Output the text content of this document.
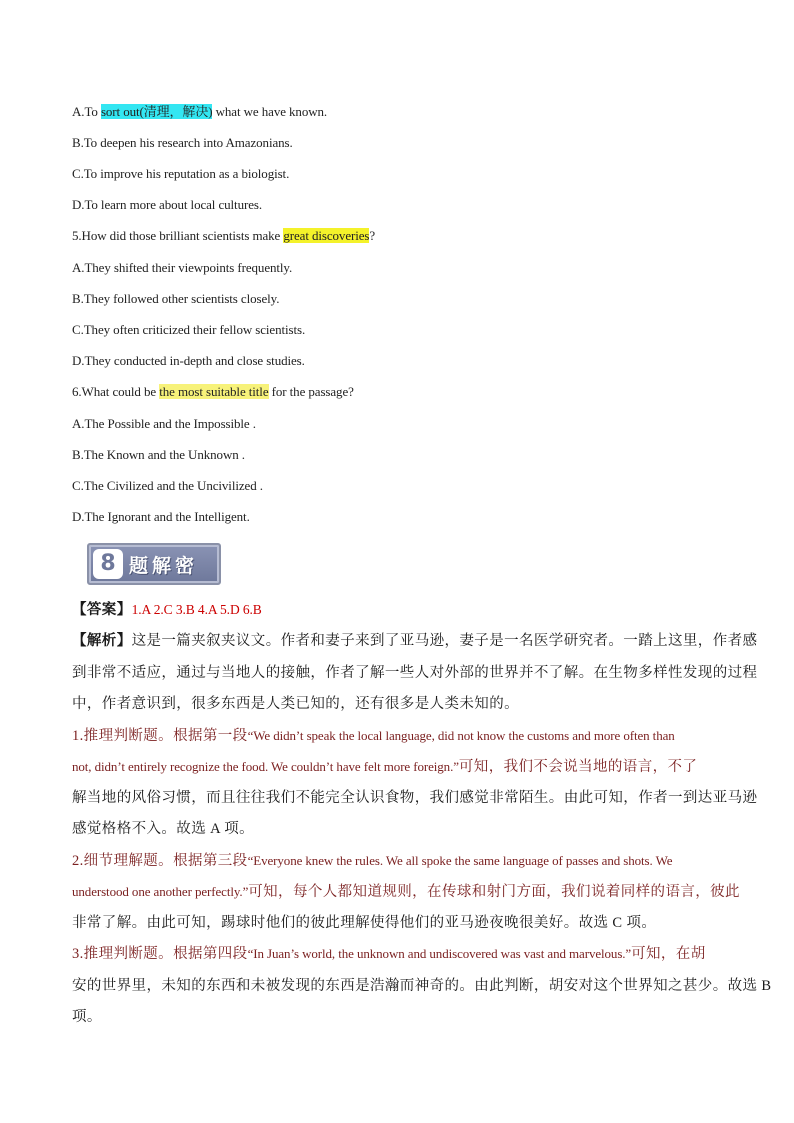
A.To sort out(清理，解决) what we have known.
B.To deepen his research into Amazonians.
C.To improve his reputation as a biologist.
D.To learn more about local cultures.
5.How did those brilliant scientists make great discoveries?
A.They shifted their viewpoints frequently.
B.They followed other scientists closely.
C.They often criticized their fellow scientists.
D.They conducted in-depth and close studies.
6.What could be the most suitable title for the passage?
A.The Possible and the Impossible .
B.The Known and the Unknown .
C.The Civilized and the Uncivilized .
D.The Ignorant and the Intelligent.
8 题解密
【答案】1.A 2.C 3.B 4.A 5.D 6.B
【解析】这是一篇夹叙夹议文。作者和妻子来到了亚马逊，妻子是一名医学研究者。一踏上这里，作者感
到非常不适应，通过与当地人的接触，作者了解一些人对外部的世界并不了解。在生物多样性发现的过程
中，作者意识到，很多东西是人类已知的，还有很多是人类未知的。
1.推理判断题。根据第一段“We didn’t speak the local language, did not know the customs and more often than
not, didn’t entirely recognize the food. We couldn’t have felt more foreign.”可知，我们不会说当地的语言，不了
解当地的风俗习惯，而且往往我们不能完全认识食物，我们感觉非常陌生。由此可知，作者一到达亚马逊
感觉格格不入。故选 A 项。
2.细节理解题。根据第三段“Everyone knew the rules. We all spoke the same language of passes and shots. We
understood one another perfectly.”可知，每个人都知道规则，在传球和射门方面，我们说着同样的语言，彼此
非常了解。由此可知，踢球时他们的彼此理解使得他们的亚马逊夜晚很美好。故选 C 项。
3.推理判断题。根据第四段“In Juan’s world, the unknown and undiscovered was vast and marvelous.”可知，在胡
安的世界里，未知的东西和未被发现的东西是浩瀚而神奇的。由此判断，胡安对这个世界知之甚少。故选 B
项。
